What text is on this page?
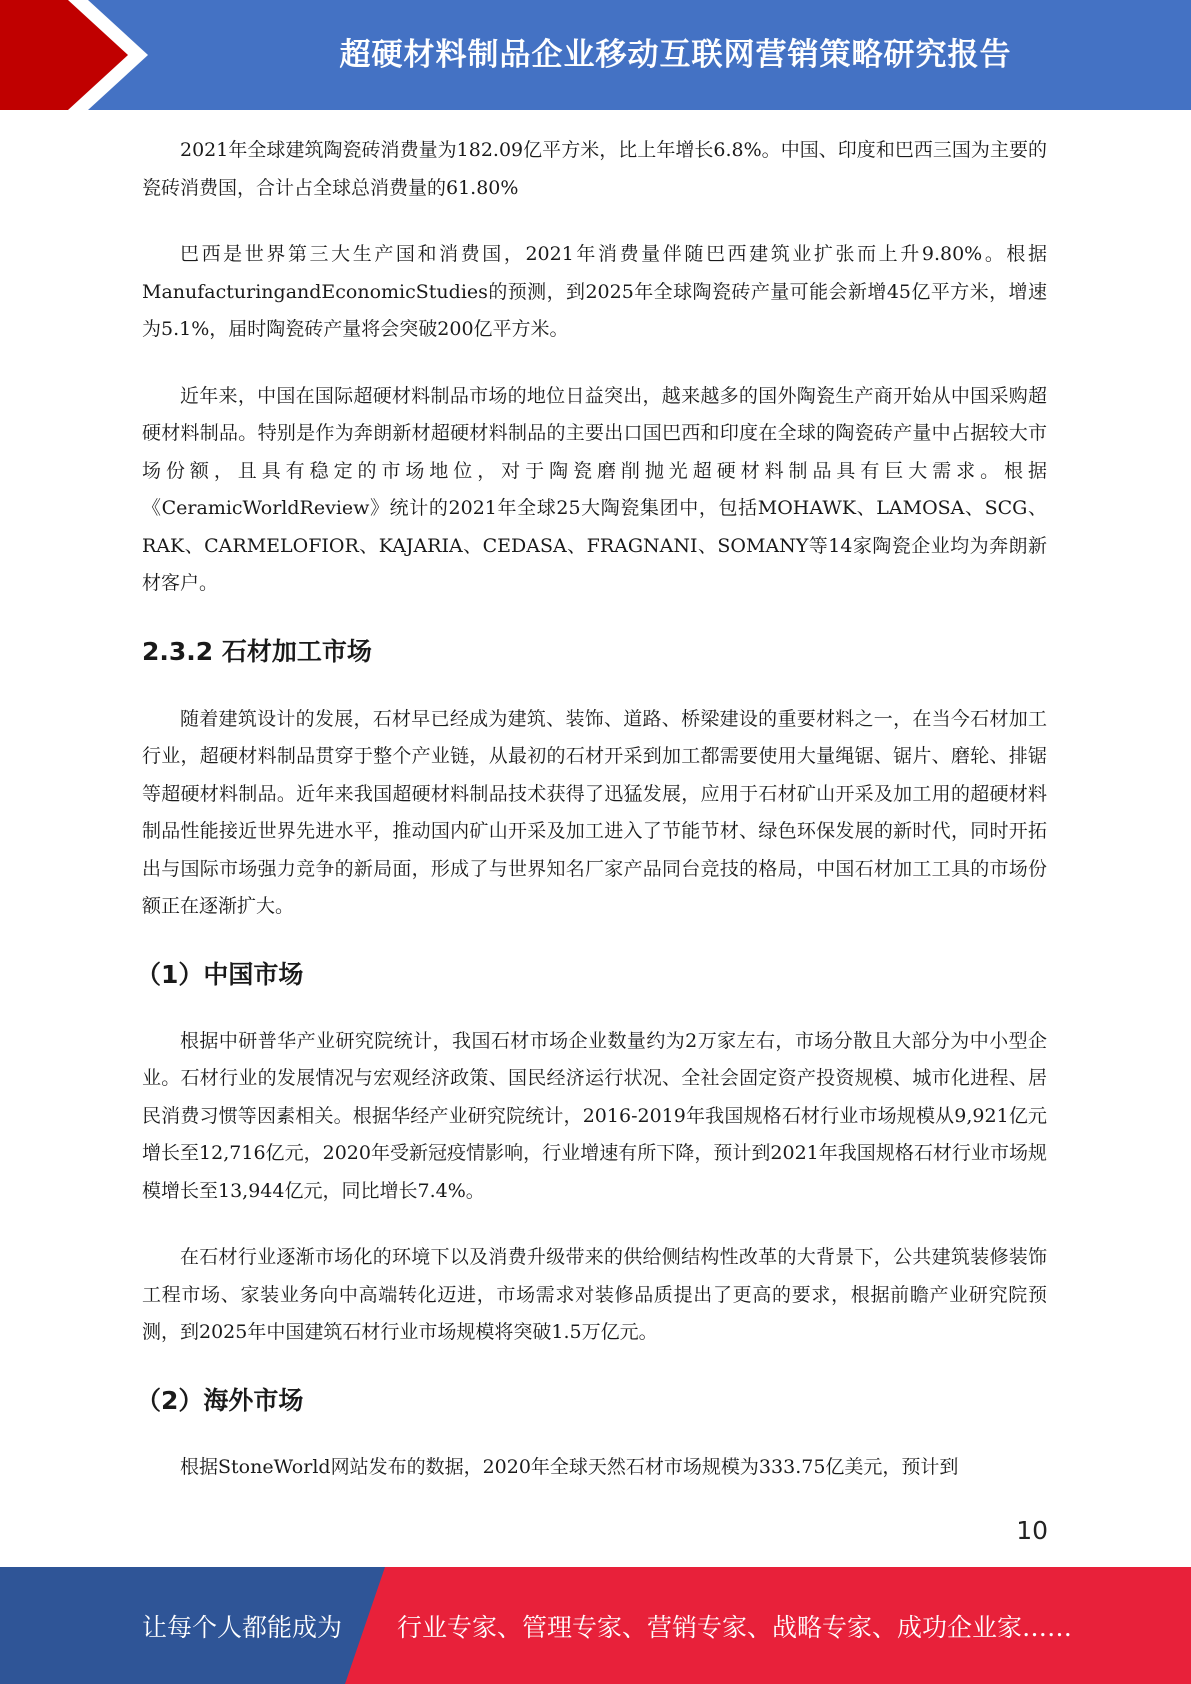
超硬材料制品企业移动互联网营销策略研究报告

2021年全球建筑陶瓷砖消费量为182.09亿平方米，比上年增长6.8%。中国、印度和巴西三国为主要的瓷砖消费国，合计占全球总消费量的61.80%

巴西是世界第三大生产国和消费国，2021年消费量伴随巴西建筑业扩张而上升9.80%。根据ManufacturingandEconomicStudies的预测，到2025年全球陶瓷砖产量可能会新增45亿平方米，增速为5.1%，届时陶瓷砖产量将会突破200亿平方米。

近年来，中国在国际超硬材料制品市场的地位日益突出，越来越多的国外陶瓷生产商开始从中国采购超硬材料制品。特别是作为奔朗新材超硬材料制品的主要出口国巴西和印度在全球的陶瓷砖产量中占据较大市场份额，且具有稳定的市场地位，对于陶瓷磨削抛光超硬材料制品具有巨大需求。根据《CeramicWorldReview》统计的2021年全球25大陶瓷集团中，包括MOHAWK、LAMOSA、SCG、RAK、CARMELOFIOR、KAJARIA、CEDASA、FRAGNANI、SOMANY等14家陶瓷企业均为奔朗新材客户。

2.3.2 石材加工市场

随着建筑设计的发展，石材早已经成为建筑、装饰、道路、桥梁建设的重要材料之一，在当今石材加工行业，超硬材料制品贯穿于整个产业链，从最初的石材开采到加工都需要使用大量绳锯、锯片、磨轮、排锯等超硬材料制品。近年来我国超硬材料制品技术获得了迅猛发展，应用于石材矿山开采及加工用的超硬材料制品性能接近世界先进水平，推动国内矿山开采及加工进入了节能节材、绿色环保发展的新时代，同时开拓出与国际市场强力竞争的新局面，形成了与世界知名厂家产品同台竞技的格局，中国石材加工工具的市场份额正在逐渐扩大。

（1）中国市场

根据中研普华产业研究院统计，我国石材市场企业数量约为2万家左右，市场分散且大部分为中小型企业。石材行业的发展情况与宏观经济政策、国民经济运行状况、全社会固定资产投资规模、城市化进程、居民消费习惯等因素相关。根据华经产业研究院统计，2016-2019年我国规格石材行业市场规模从9,921亿元增长至12,716亿元，2020年受新冠疫情影响，行业增速有所下降，预计到2021年我国规格石材行业市场规模增长至13,944亿元，同比增长7.4%。

在石材行业逐渐市场化的环境下以及消费升级带来的供给侧结构性改革的大背景下，公共建筑装修装饰工程市场、家装业务向中高端转化迈进，市场需求对装修品质提出了更高的要求，根据前瞻产业研究院预测，到2025年中国建筑石材行业市场规模将突破1.5万亿元。

（2）海外市场

根据StoneWorld网站发布的数据，2020年全球天然石材市场规模为333.75亿美元，预计到

10
让每个人都能成为 行业专家、管理专家、营销专家、战略专家、成功企业家……
